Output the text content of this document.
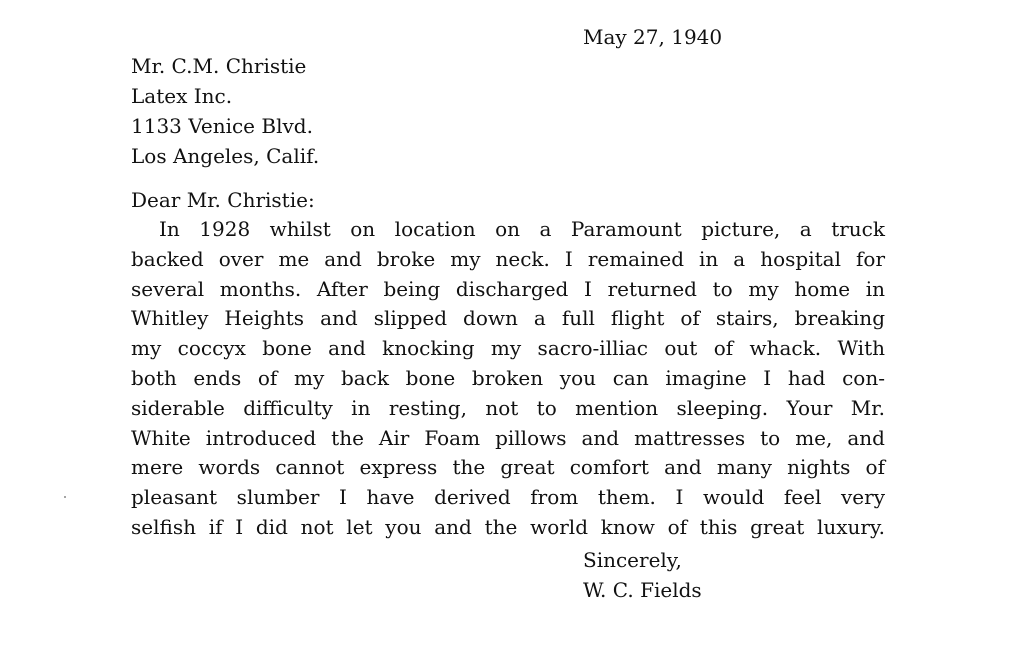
May 27, 1940
Mr. C.M. Christie
Latex Inc.
1133 Venice Blvd.
Los Angeles, Calif.
Dear Mr. Christie:
In 1928 whilst on location on a Paramount picture, a truck
backed over me and broke my neck. I remained in a hospital for
several months. After being discharged I returned to my home in
Whitley Heights and slipped down a full flight of stairs, breaking
my coccyx bone and knocking my sacro-illiac out of whack. With
both ends of my back bone broken you can imagine I had con-
siderable difficulty in resting, not to mention sleeping. Your Mr.
White introduced the Air Foam pillows and mattresses to me, and
mere words cannot express the great comfort and many nights of
pleasant slumber I have derived from them. I would feel very
selfish if I did not let you and the world know of this great luxury.
Sincerely,
W. C. Fields
